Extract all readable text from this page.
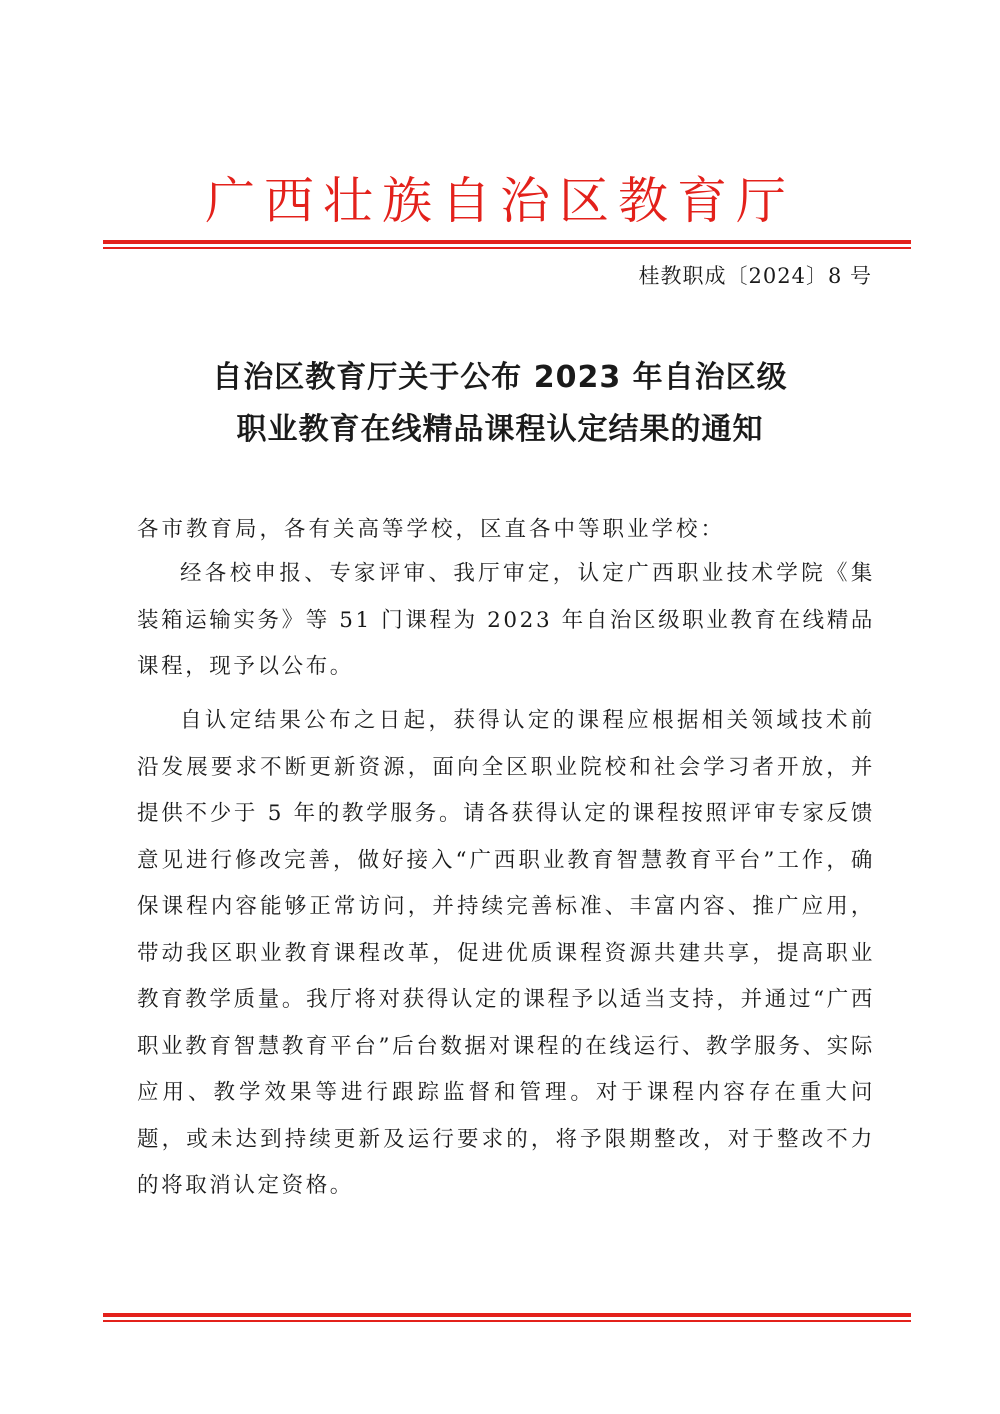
广西壮族自治区教育厅
桂教职成〔2024〕8 号
自治区教育厅关于公布 2023 年自治区级
职业教育在线精品课程认定结果的通知
各市教育局，各有关高等学校，区直各中等职业学校：

经各校申报、专家评审、我厅审定，认定广西职业技术学院《集装箱运输实务》等 51 门课程为 2023 年自治区级职业教育在线精品课程，现予以公布。

自认定结果公布之日起，获得认定的课程应根据相关领域技术前沿发展要求不断更新资源，面向全区职业院校和社会学习者开放，并提供不少于 5 年的教学服务。请各获得认定的课程按照评审专家反馈意见进行修改完善，做好接入“广西职业教育智慧教育平台”工作，确保课程内容能够正常访问，并持续完善标准、丰富内容、推广应用，带动我区职业教育课程改革，促进优质课程资源共建共享，提高职业教育教学质量。我厅将对获得认定的课程予以适当支持，并通过“广西职业教育智慧教育平台”后台数据对课程的在线运行、教学服务、实际应用、教学效果等进行跟踪监督和管理。对于课程内容存在重大问题，或未达到持续更新及运行要求的，将予限期整改，对于整改不力的将取消认定资格。
